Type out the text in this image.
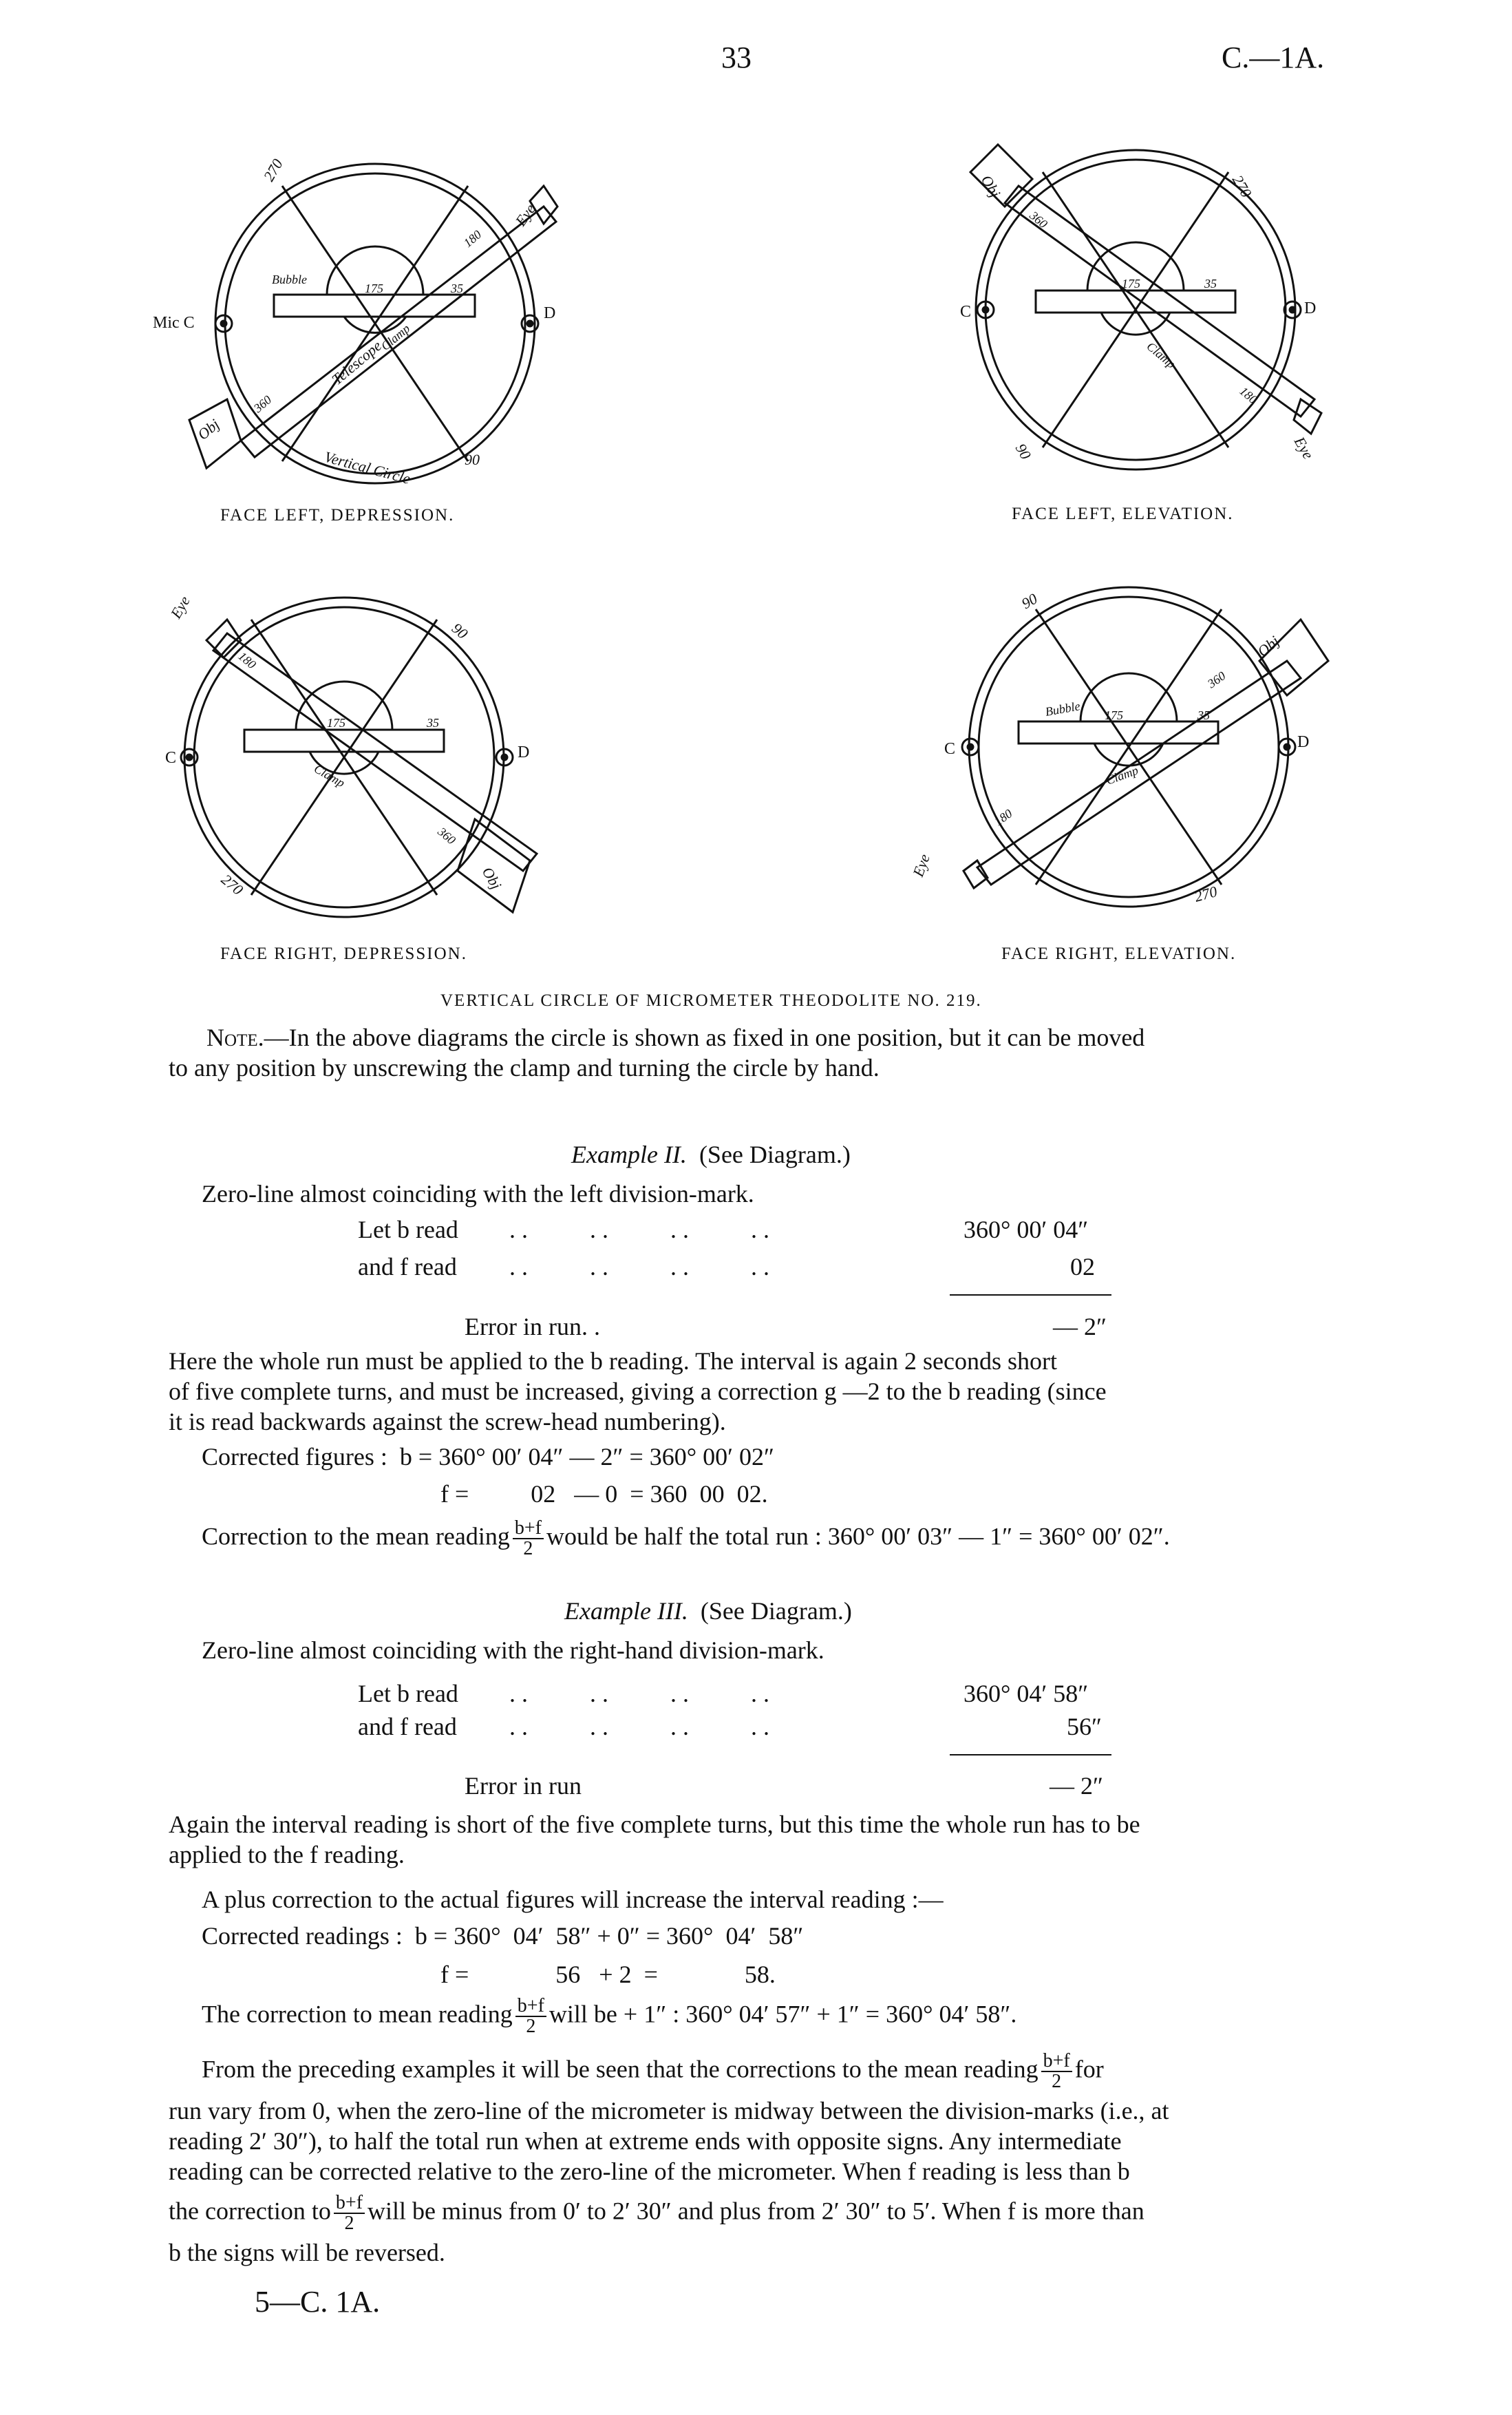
33	C.—1A.
Mic C
D
270
90
Eye
Obj
Bubble
Telescope
Clamp
Vertical Circle
360
180
175	35
C	D
270
90	Eye
Obj
Clamp
360
180
175	35
C	D
90
270
Eye
Obj
Clamp
360
180
175	35
C	D
90
270
Eye
Obj
Bubble
Clamp
360
180
175	35
FACE LEFT, DEPRESSION.	FACE LEFT, ELEVATION.
FACE RIGHT, DEPRESSION.	FACE RIGHT, ELEVATION.
VERTICAL CIRCLE OF MICROMETER THEODOLITE NO. 219.
Note.—In the above diagrams the circle is shown as fixed in one position, but it can be moved
to any position by unscrewing the clamp and turning the circle by hand.
Example II. (See Diagram.)
Zero-line almost coinciding with the left division-mark.
Let b read . .          . .          . .          . .	360° 00′ 04″
and f read . .          . .          . .          . .	02
Error in run. .	— 2″
Here the whole run must be applied to the b reading. The interval is again 2 seconds short
of five complete turns, and must be increased, giving a correction g —2 to the b reading (since
it is read backwards against the screw-head numbering).
Corrected figures :  b = 360° 00′ 04″ — 2″ = 360° 00′ 02″
f =          02   — 0  = 360  00  02.
Correction to the mean reading $\frac{b+f}{2}$ would be half the total run : 360° 00′ 03″ — 1″ = 360° 00′ 02″.
Example III. (See Diagram.)
Zero-line almost coinciding with the right-hand division-mark.
Let b read . .          . .          . .          . .	360° 04′ 58″
and f read . .          . .          . .          . .	56″
Error in run	— 2″
Again the interval reading is short of the five complete turns, but this time the whole run has to be
applied to the f reading.
A plus correction to the actual figures will increase the interval reading :—
Corrected readings :  b = 360°  04′  58″ + 0″ = 360°  04′  58″
f =              56   + 2  =              58.
The correction to mean reading $\frac{b+f}{2}$ will be + 1″ : 360° 04′ 57″ + 1″ = 360° 04′ 58″.
From the preceding examples it will be seen that the corrections to the mean reading $\frac{b+f}{2}$ for
run vary from 0, when the zero-line of the micrometer is midway between the division-marks (i.e., at
reading 2′ 30″), to half the total run when at extreme ends with opposite signs. Any intermediate
reading can be corrected relative to the zero-line of the micrometer. When f reading is less than b
the correction to $\frac{b+f}{2}$ will be minus from 0′ to 2′ 30″ and plus from 2′ 30″ to 5′. When f is more than
b the signs will be reversed.
5—C. 1A.
